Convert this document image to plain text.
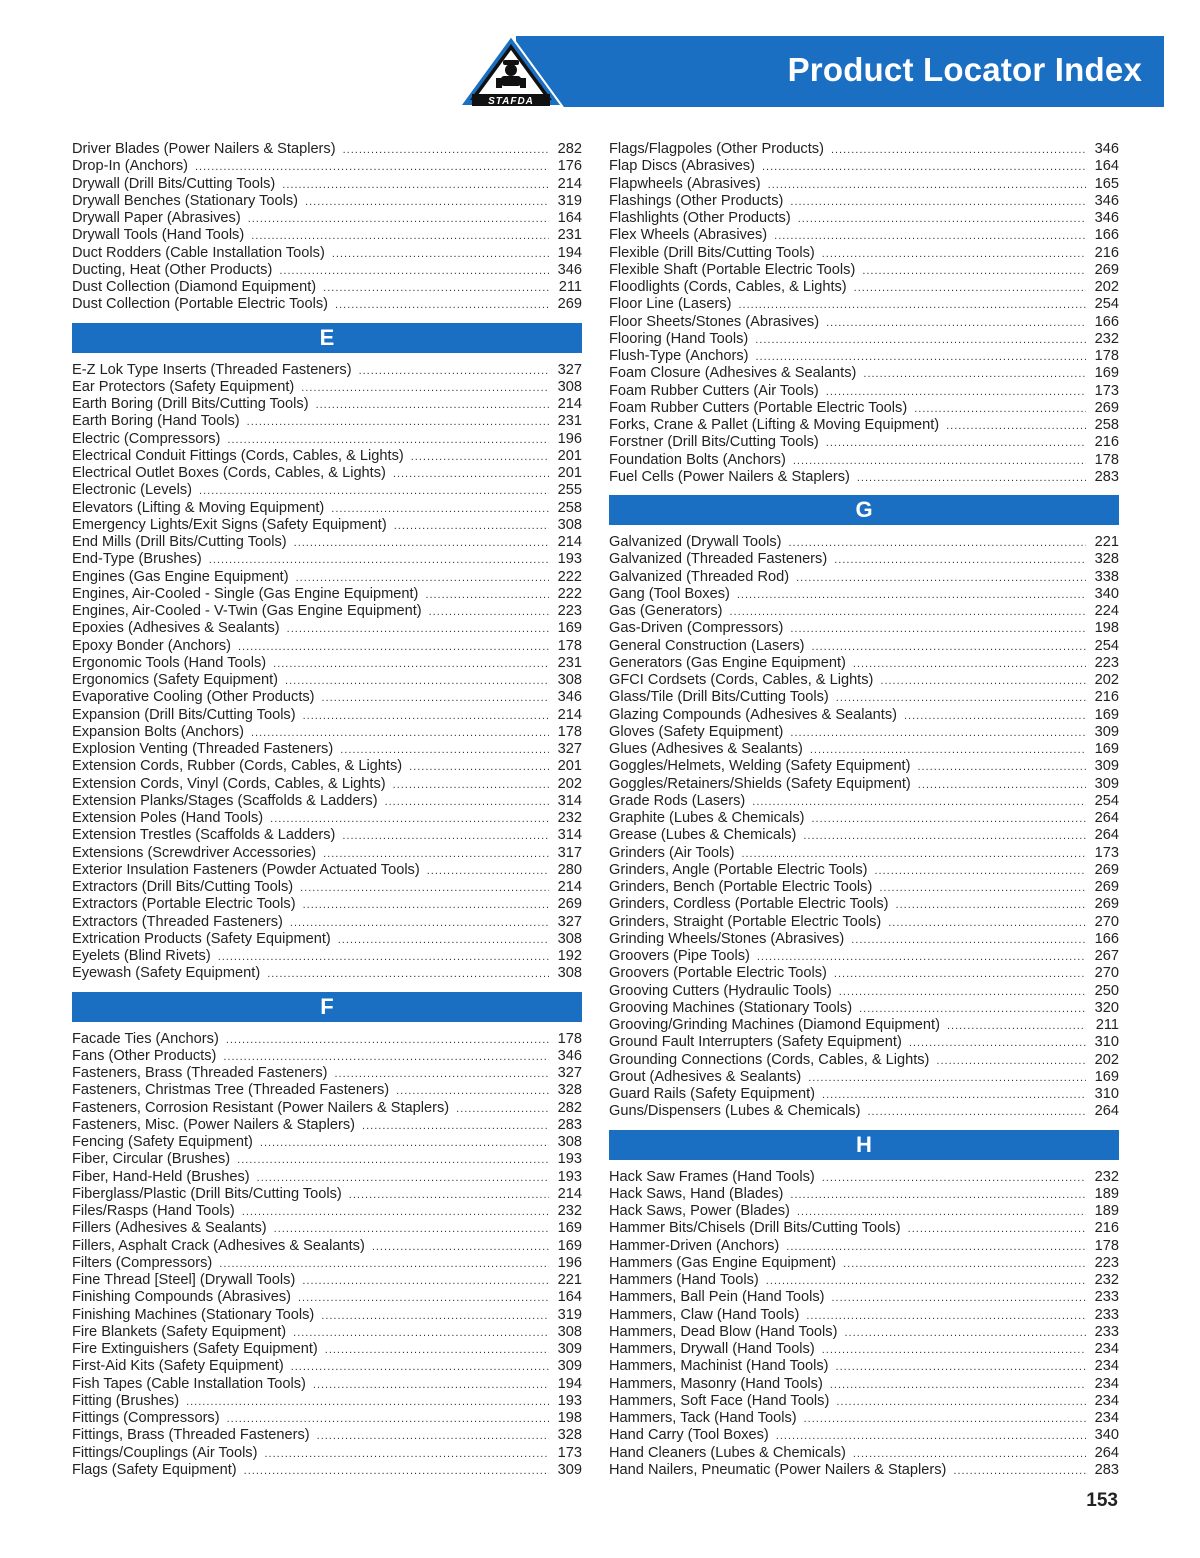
Product Locator Index
STAFDA
Driver Blades (Power Nailers & Staplers) .....	282
Drop-In (Anchors) .....	176
Drywall (Drill Bits/Cutting Tools) .....	214
Drywall Benches (Stationary Tools) .....	319
Drywall Paper (Abrasives) .....	164
Drywall Tools (Hand Tools) .....	231
Duct Rodders (Cable Installation Tools) .....	194
Ducting, Heat (Other Products) .....	346
Dust Collection (Diamond Equipment) .....	211
Dust Collection (Portable Electric Tools) .....	269
E
E-Z Lok Type Inserts (Threaded Fasteners) .....	327
Ear Protectors (Safety Equipment) .....	308
Earth Boring (Drill Bits/Cutting Tools) .....	214
Earth Boring (Hand Tools) .....	231
Electric (Compressors) .....	196
Electrical Conduit Fittings (Cords, Cables, & Lights) .....	201
Electrical Outlet Boxes (Cords, Cables, & Lights) .....	201
Electronic (Levels) .....	255
Elevators (Lifting & Moving Equipment) .....	258
Emergency Lights/Exit Signs (Safety Equipment) .....	308
End Mills (Drill Bits/Cutting Tools) .....	214
End-Type (Brushes) .....	193
Engines (Gas Engine Equipment) .....	222
Engines, Air-Cooled - Single (Gas Engine Equipment) .....	222
Engines, Air-Cooled - V-Twin (Gas Engine Equipment) .....	223
Epoxies (Adhesives & Sealants) .....	169
Epoxy Bonder (Anchors) .....	178
Ergonomic Tools (Hand Tools) .....	231
Ergonomics (Safety Equipment) .....	308
Evaporative Cooling (Other Products) .....	346
Expansion (Drill Bits/Cutting Tools) .....	214
Expansion Bolts (Anchors) .....	178
Explosion Venting (Threaded Fasteners) .....	327
Extension Cords, Rubber (Cords, Cables, & Lights) .....	201
Extension Cords, Vinyl (Cords, Cables, & Lights) .....	202
Extension Planks/Stages (Scaffolds & Ladders) .....	314
Extension Poles (Hand Tools) .....	232
Extension Trestles (Scaffolds & Ladders) .....	314
Extensions (Screwdriver Accessories) .....	317
Exterior Insulation Fasteners (Powder Actuated Tools) .....	280
Extractors (Drill Bits/Cutting Tools) .....	214
Extractors (Portable Electric Tools) .....	269
Extractors (Threaded Fasteners) .....	327
Extrication Products (Safety Equipment) .....	308
Eyelets (Blind Rivets) .....	192
Eyewash (Safety Equipment) .....	308
F
Facade Ties (Anchors) .....	178
Fans (Other Products) .....	346
Fasteners, Brass (Threaded Fasteners) .....	327
Fasteners, Christmas Tree (Threaded Fasteners) .....	328
Fasteners, Corrosion Resistant (Power Nailers & Staplers) .....	282
Fasteners, Misc. (Power Nailers & Staplers) .....	283
Fencing (Safety Equipment) .....	308
Fiber, Circular (Brushes) .....	193
Fiber, Hand-Held (Brushes) .....	193
Fiberglass/Plastic (Drill Bits/Cutting Tools) .....	214
Files/Rasps (Hand Tools) .....	232
Fillers (Adhesives & Sealants) .....	169
Fillers, Asphalt Crack (Adhesives & Sealants) .....	169
Filters (Compressors) .....	196
Fine Thread [Steel] (Drywall Tools) .....	221
Finishing Compounds (Abrasives) .....	164
Finishing Machines (Stationary Tools) .....	319
Fire Blankets (Safety Equipment) .....	308
Fire Extinguishers (Safety Equipment) .....	309
First-Aid Kits (Safety Equipment) .....	309
Fish Tapes (Cable Installation Tools) .....	194
Fitting (Brushes) .....	193
Fittings (Compressors) .....	198
Fittings, Brass (Threaded Fasteners) .....	328
Fittings/Couplings (Air Tools) .....	173
Flags (Safety Equipment) .....	309
Flags/Flagpoles (Other Products) .....	346
Flap Discs (Abrasives) .....	164
Flapwheels (Abrasives) .....	165
Flashings (Other Products) .....	346
Flashlights (Other Products) .....	346
Flex Wheels (Abrasives) .....	166
Flexible (Drill Bits/Cutting Tools) .....	216
Flexible Shaft (Portable Electric Tools) .....	269
Floodlights (Cords, Cables, & Lights) .....	202
Floor Line (Lasers) .....	254
Floor Sheets/Stones (Abrasives) .....	166
Flooring (Hand Tools) .....	232
Flush-Type (Anchors) .....	178
Foam Closure (Adhesives & Sealants) .....	169
Foam Rubber Cutters (Air Tools) .....	173
Foam Rubber Cutters (Portable Electric Tools) .....	269
Forks, Crane & Pallet (Lifting & Moving Equipment) .....	258
Forstner (Drill Bits/Cutting Tools) .....	216
Foundation Bolts (Anchors) .....	178
Fuel Cells (Power Nailers & Staplers) .....	283
G
Galvanized (Drywall Tools) .....	221
Galvanized (Threaded Fasteners) .....	328
Galvanized (Threaded Rod) .....	338
Gang (Tool Boxes) .....	340
Gas (Generators) .....	224
Gas-Driven (Compressors) .....	198
General Construction (Lasers) .....	254
Generators (Gas Engine Equipment) .....	223
GFCI Cordsets (Cords, Cables, & Lights) .....	202
Glass/Tile (Drill Bits/Cutting Tools) .....	216
Glazing Compounds (Adhesives & Sealants) .....	169
Gloves (Safety Equipment) .....	309
Glues (Adhesives & Sealants) .....	169
Goggles/Helmets, Welding (Safety Equipment) .....	309
Goggles/Retainers/Shields (Safety Equipment) .....	309
Grade Rods (Lasers) .....	254
Graphite (Lubes & Chemicals) .....	264
Grease (Lubes & Chemicals) .....	264
Grinders (Air Tools) .....	173
Grinders, Angle (Portable Electric Tools) .....	269
Grinders, Bench (Portable Electric Tools) .....	269
Grinders, Cordless (Portable Electric Tools) .....	269
Grinders, Straight (Portable Electric Tools) .....	270
Grinding Wheels/Stones (Abrasives) .....	166
Groovers (Pipe Tools) .....	267
Groovers (Portable Electric Tools) .....	270
Grooving Cutters (Hydraulic Tools) .....	250
Grooving Machines (Stationary Tools) .....	320
Grooving/Grinding Machines (Diamond Equipment) .....	211
Ground Fault Interrupters (Safety Equipment) .....	310
Grounding Connections (Cords, Cables, & Lights) .....	202
Grout (Adhesives & Sealants) .....	169
Guard Rails (Safety Equipment) .....	310
Guns/Dispensers (Lubes & Chemicals) .....	264
H
Hack Saw Frames (Hand Tools) .....	232
Hack Saws, Hand (Blades) .....	189
Hack Saws, Power (Blades) .....	189
Hammer Bits/Chisels (Drill Bits/Cutting Tools) .....	216
Hammer-Driven (Anchors) .....	178
Hammers (Gas Engine Equipment) .....	223
Hammers (Hand Tools) .....	232
Hammers, Ball Pein (Hand Tools) .....	233
Hammers, Claw (Hand Tools) .....	233
Hammers, Dead Blow (Hand Tools) .....	233
Hammers, Drywall (Hand Tools) .....	234
Hammers, Machinist (Hand Tools) .....	234
Hammers, Masonry (Hand Tools) .....	234
Hammers, Soft Face (Hand Tools) .....	234
Hammers, Tack (Hand Tools) .....	234
Hand Carry (Tool Boxes) .....	340
Hand Cleaners (Lubes & Chemicals) .....	264
Hand Nailers, Pneumatic (Power Nailers & Staplers) .....	283
153
